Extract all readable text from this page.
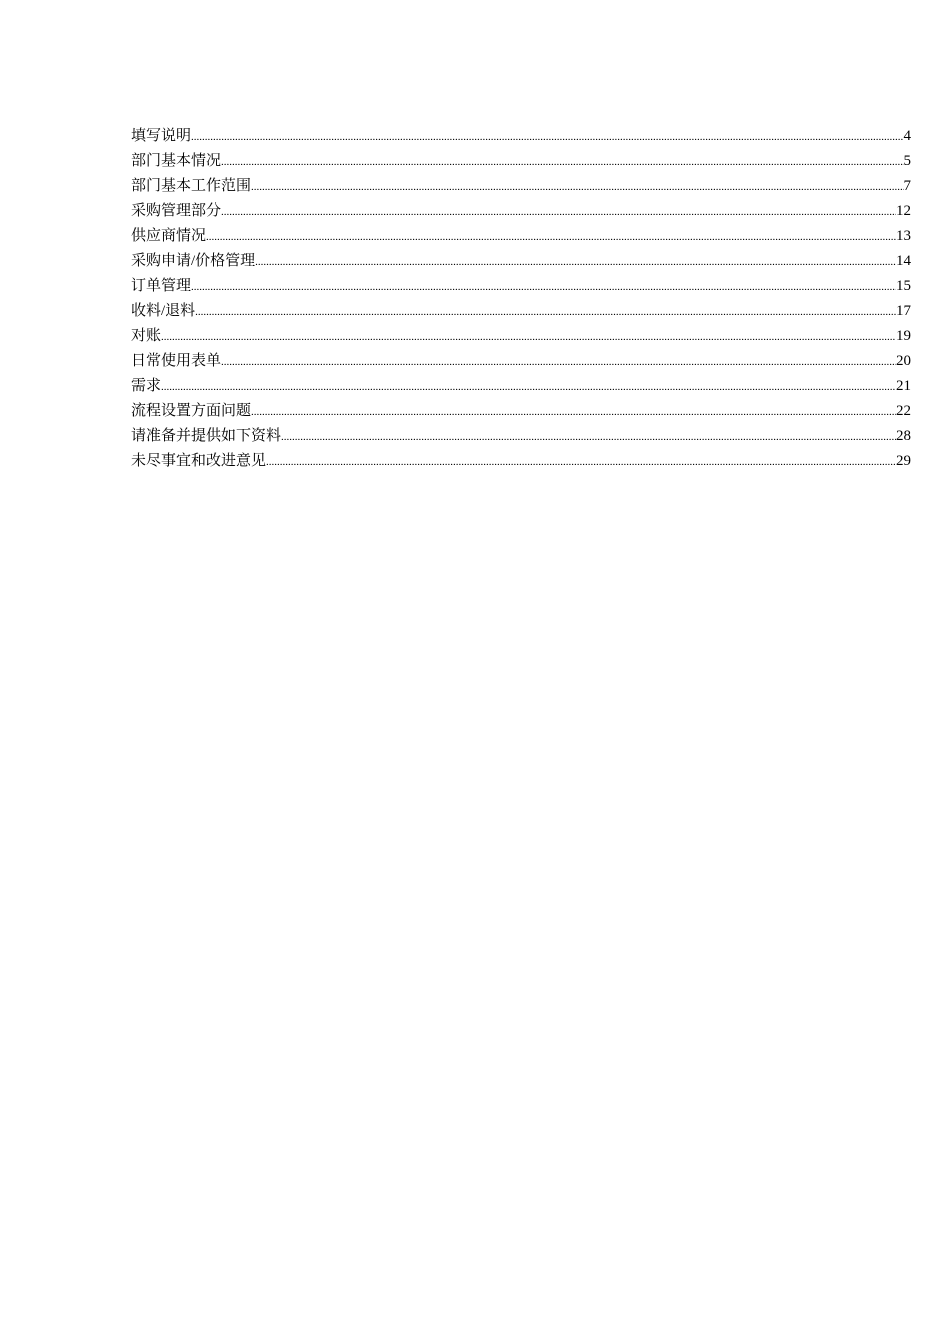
填写说明 .....	4
部门基本情况 .....	5
部门基本工作范围 .....	7
采购管理部分 .....	12
供应商情况 .....	13
采购申请/价格管理 .....	14
订单管理 .....	15
收料/退料 .....	17
对账 .....	19
日常使用表单 .....	20
需求 .....	21
流程设置方面问题 .....	22
请准备并提供如下资料 .....	28
未尽事宜和改进意见 .....	29
